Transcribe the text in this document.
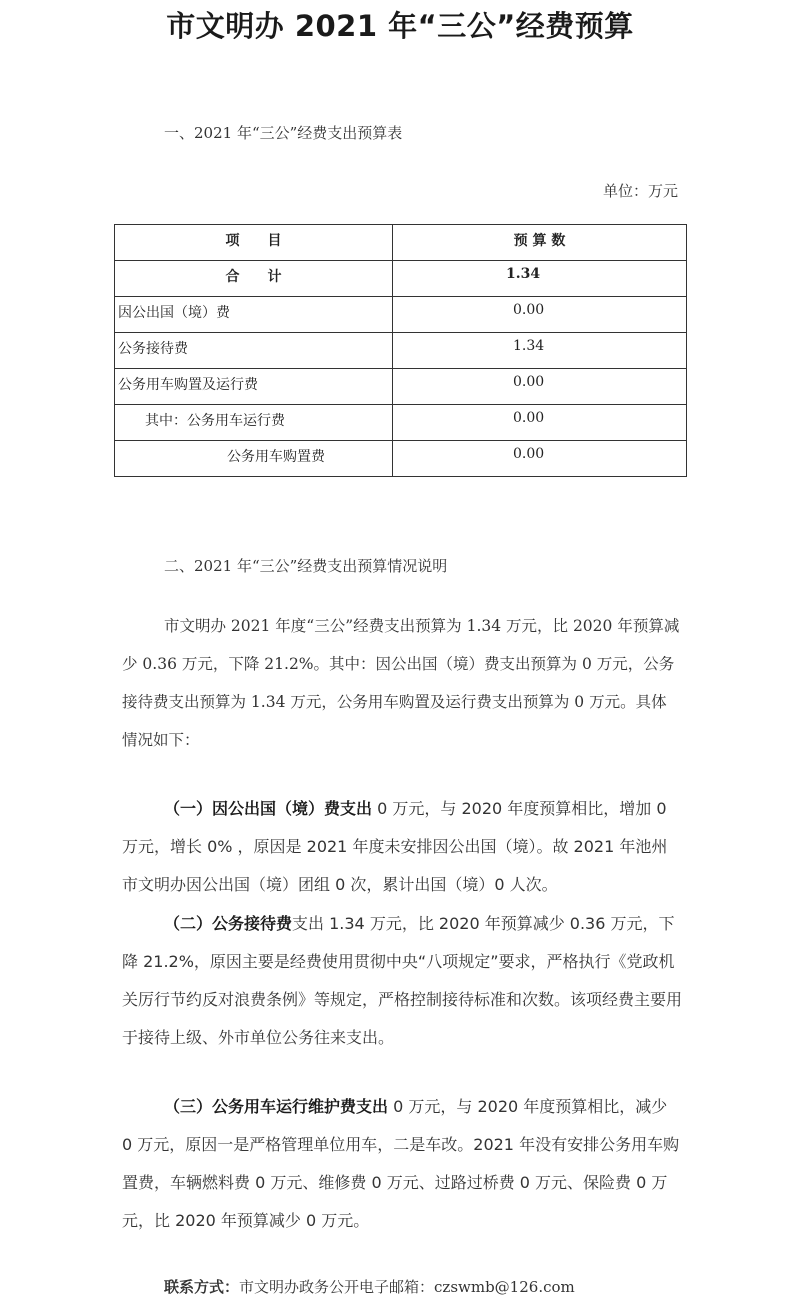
市文明办 2021 年“三公”经费预算
一、2021 年“三公”经费支出预算表
单位：万元
项　　目	预 算 数
合　　计	1.34
因公出国（境）费	0.00
公务接待费	1.34
公务用车购置及运行费	0.00
其中：公务用车运行费	0.00
公务用车购置费	0.00
二、2021 年“三公”经费支出预算情况说明
市文明办 2021 年度“三公”经费支出预算为 1.34 万元，比 2020 年预算减少 0.36 万元，下降 21.2%。其中：因公出国（境）费支出预算为 0 万元，公务接待费支出预算为 1.34 万元，公务用车购置及运行费支出预算为 0 万元。具体情况如下：
（一）因公出国（境）费支出 0 万元，与 2020 年度预算相比，增加 0 万元，增长 0% ，原因是 2021 年度未安排因公出国（境）。故 2021 年池州市文明办因公出国（境）团组 0 次，累计出国（境）0 人次。
（二）公务接待费支出 1.34 万元，比 2020 年预算减少 0.36 万元，下降 21.2%，原因主要是经费使用贯彻中央“八项规定”要求，严格执行《党政机关厉行节约反对浪费条例》等规定，严格控制接待标准和次数。该项经费主要用于接待上级、外市单位公务往来支出。
（三）公务用车运行维护费支出 0 万元，与 2020 年度预算相比，减少 0 万元，原因一是严格管理单位用车，二是车改。2021 年没有安排公务用车购置费，车辆燃料费 0 万元、维修费 0 万元、过路过桥费 0 万元、保险费 0 万元，比 2020 年预算减少 0 万元。
联系方式：市文明办政务公开电子邮箱：czswmb@126.com
